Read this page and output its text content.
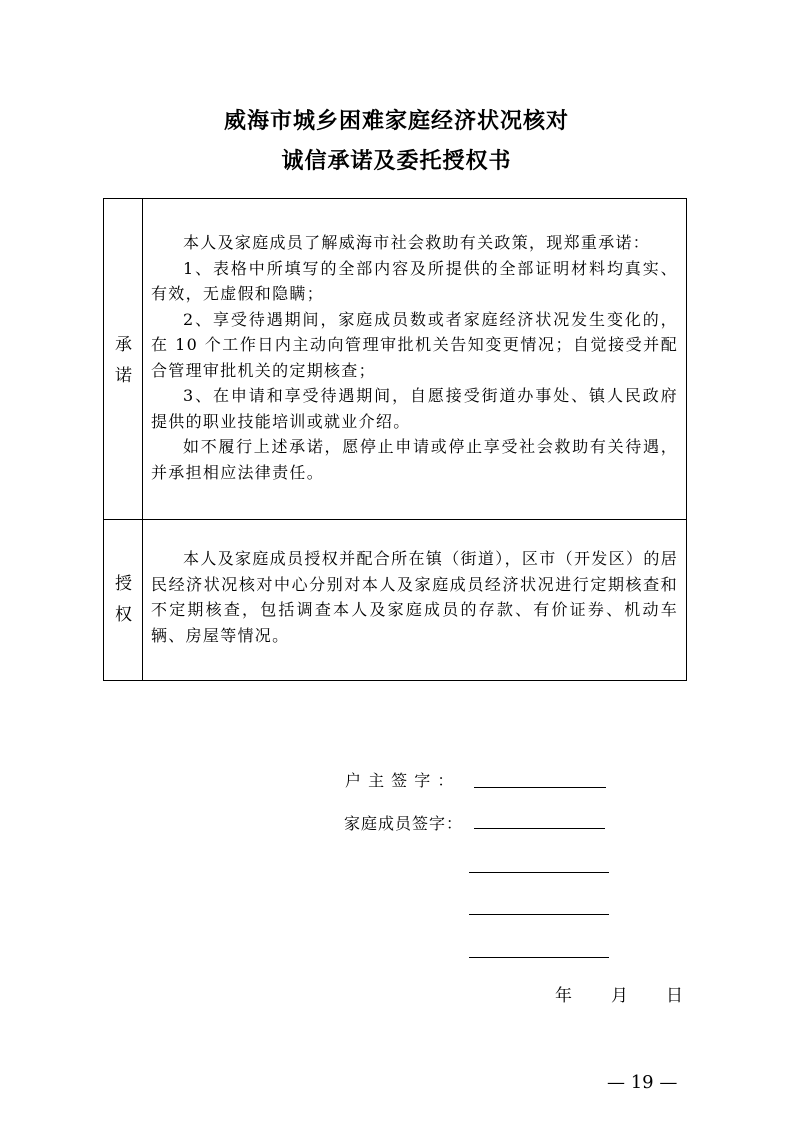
威海市城乡困难家庭经济状况核对
诚信承诺及委托授权书
承
诺

本人及家庭成员了解威海市社会救助有关政策，现郑重承诺：

1、表格中所填写的全部内容及所提供的全部证明材料均真实、有效，无虚假和隐瞒；

2、享受待遇期间，家庭成员数或者家庭经济状况发生变化的，在 10 个工作日内主动向管理审批机关告知变更情况；自觉接受并配合管理审批机关的定期核查；

3、在申请和享受待遇期间，自愿接受街道办事处、镇人民政府提供的职业技能培训或就业介绍。

如不履行上述承诺，愿停止申请或停止享受社会救助有关待遇，并承担相应法律责任。

授
权

本人及家庭成员授权并配合所在镇（街道），区市（开发区）的居民经济状况核对中心分别对本人及家庭成员经济状况进行定期核查和不定期核查，包括调查本人及家庭成员的存款、有价证券、机动车辆、房屋等情况。

户 主 签 字 ：
家庭成员签字：
年 月 日
— 19 —
